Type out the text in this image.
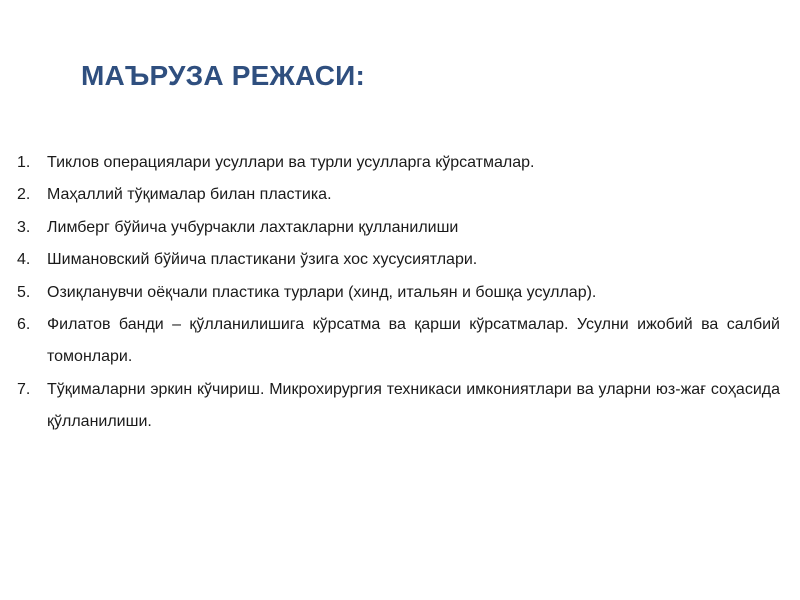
МАЪРУЗА РЕЖАСИ:
1. Тиклов операциялари усуллари ва турли усулларга кўрсатмалар.
2. Маҳаллий тўқималар билан пластика.
3. Лимберг бўйича учбурчакли лахтакларни қулланилиши
4. Шимановский бўйича пластикани ўзига хос хусусиятлари.
5. Озиқланувчи оёқчали пластика турлари (хинд, итальян и бошқа усуллар).
6. Филатов банди – қўлланилишига кўрсатма ва қарши кўрсатмалар. Усулни ижобий ва салбий томонлари.
7. Тўқималарни эркин кўчириш. Микрохирургия техникаси имкониятлари ва уларни юз-жағ соҳасида қўлланилиши.
